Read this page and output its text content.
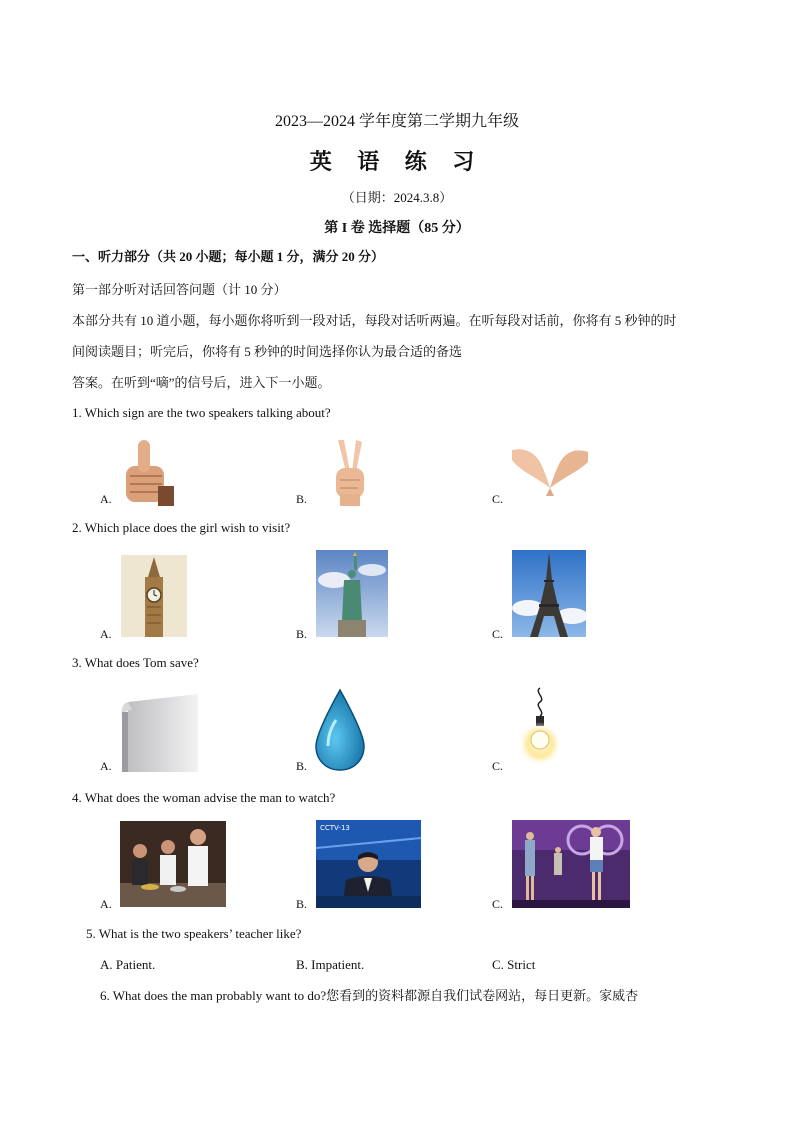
2023—2024 学年度第二学期九年级
英 语 练 习
（日期：2024.3.8）
第 I 卷 选择题（85 分）
一、听力部分（共 20 小题；每小题 1 分，满分 20 分）
第一部分听对话回答问题（计 10 分）
本部分共有 10 道小题，每小题你将听到一段对话，每段对话听两遍。在听每段对话前，你将有 5 秒钟的时
间阅读题目；听完后，你将有 5 秒钟的时间选择你认为最合适的备选
答案。在听到“嘀”的信号后，进入下一小题。
1. Which sign are the two speakers talking about?
A.	B.	C.
2. Which place does the girl wish to visit?
A.	B.	C.
3. What does Tom save?
A.	B.	C.
4. What does the woman advise the man to watch?
A.	B.	C.
CCTV-13
5. What is the two speakers’ teacher like?
A. Patient.	B. Impatient.	C. Strict
6. What does the man probably want to do?您看到的资料都源自我们试卷网站，每日更新。家威杏
